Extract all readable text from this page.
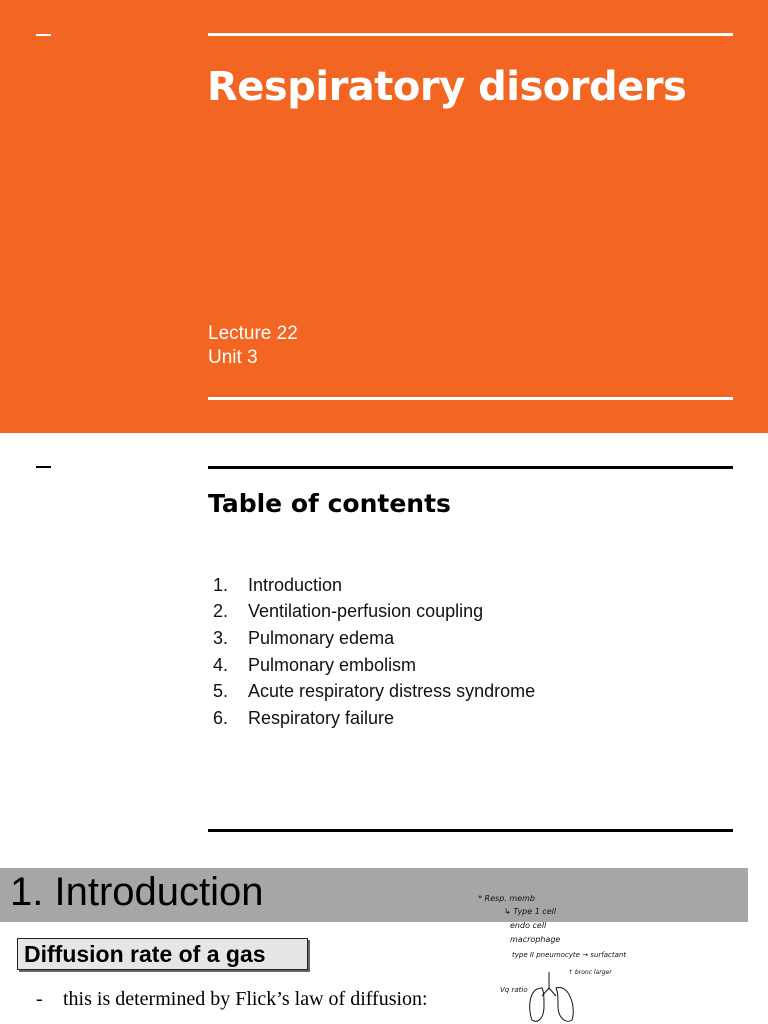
Respiratory disorders
Lecture 22
Unit 3
Table of contents
1.	Introduction
2.	Ventilation-perfusion coupling
3.	Pulmonary edema
4.	Pulmonary embolism
5.	Acute respiratory distress syndrome
6.	Respiratory failure
1. Introduction
Diffusion rate of a gas
- this is determined by Flick’s law of diffusion:
* Resp. memb
↳ Type 1 cell
endo cell
macrophage
type II pneumocyte → surfactant
↑ bronc larger
Vq ratio
